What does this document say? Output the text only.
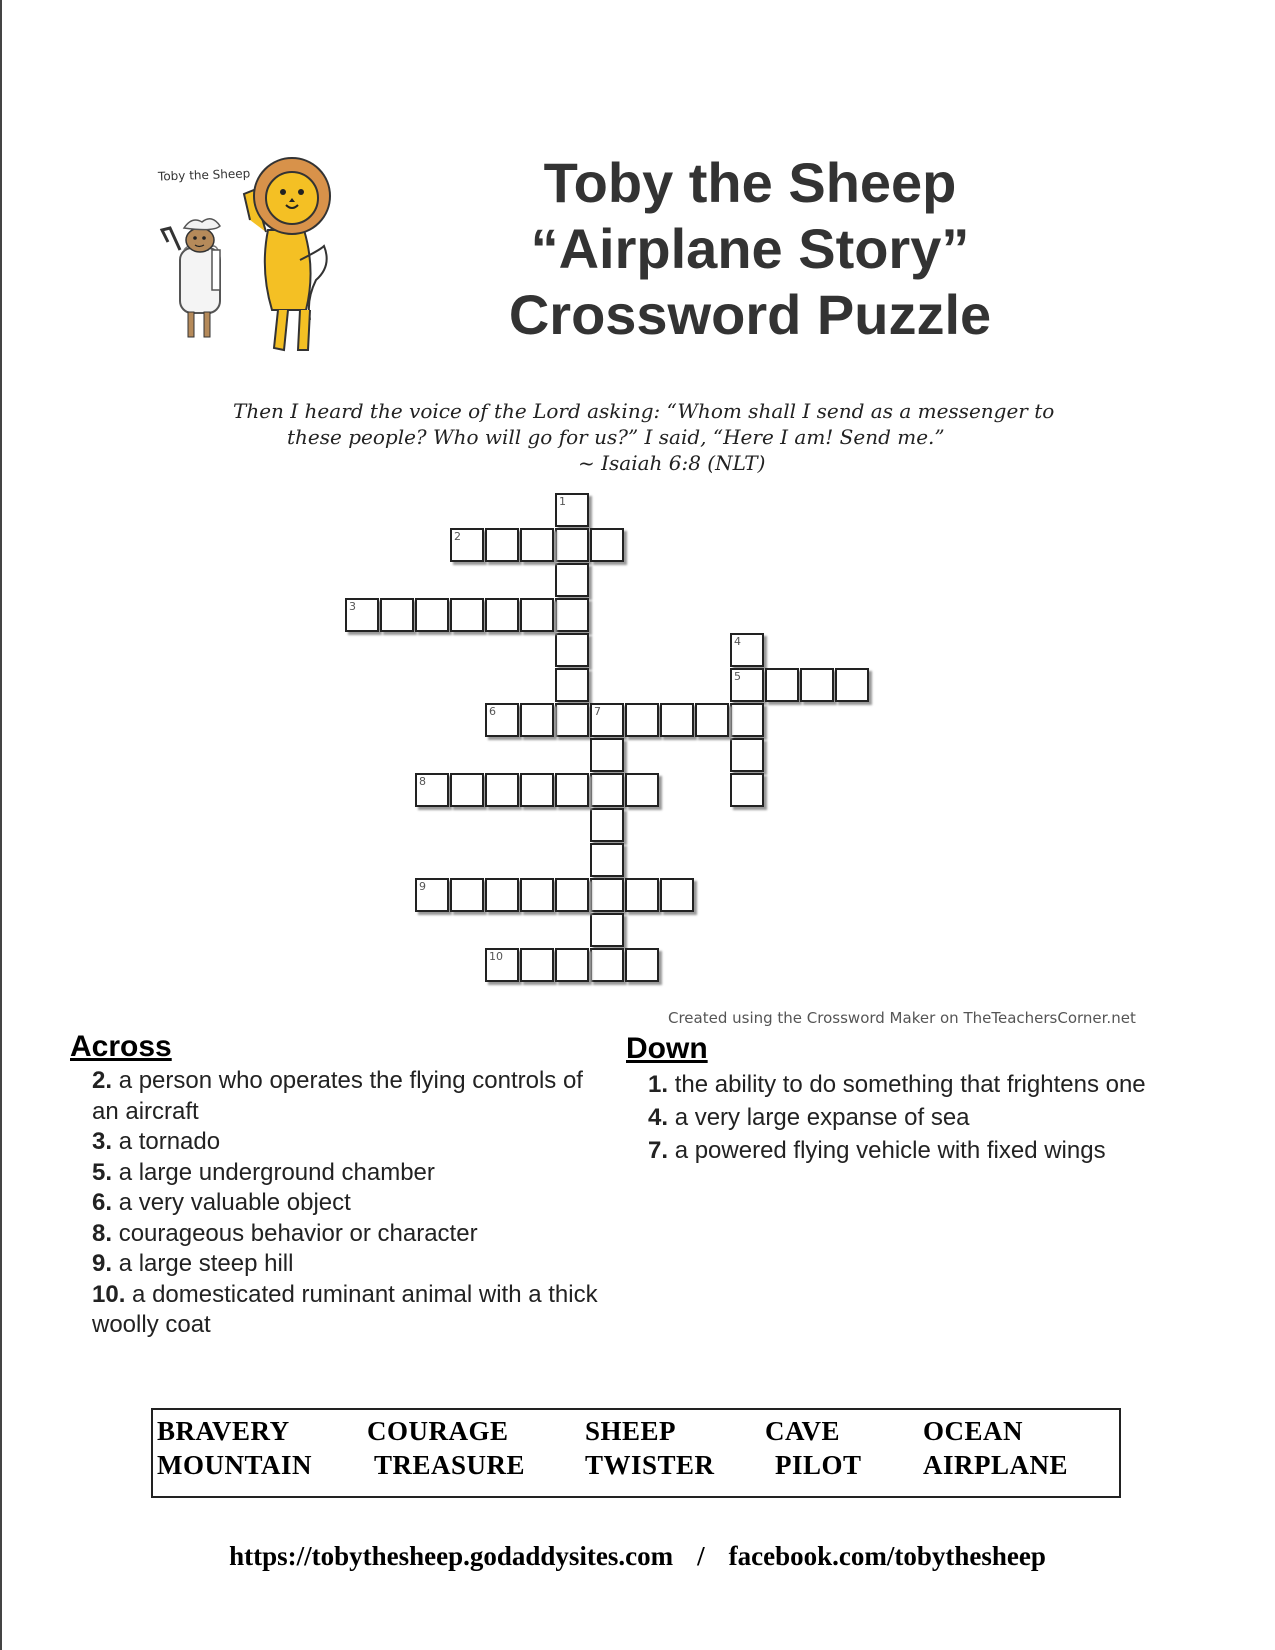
Toby the Sheep	Toby the Sheep
“Airplane Story”
Crossword Puzzle
Then I heard the voice of the Lord asking: “Whom shall I send as a messenger to
these people? Who will go for us?” I said, “Here I am! Send me.”
~ Isaiah 6:8 (NLT)
1
2
3
4
5
6	7
8
9
10
Created using the Crossword Maker on TheTeachersCorner.net
Across

2. a person who operates the flying controls of an aircraft

3. a tornado

5. a large underground chamber

6. a very valuable object

8. courageous behavior or character

9. a large steep hill

10. a domesticated ruminant animal with a thick woolly coat

Down

1. the ability to do something that frightens one

4. a very large expanse of sea

7. a powered flying vehicle with fixed wings

BRAVERY	COURAGE	SHEEP	CAVE	OCEAN
MOUNTAIN TREASURE TWISTER PILOT AIRPLANE
https://tobythesheep.godaddysites.com / facebook.com/tobythesheep
